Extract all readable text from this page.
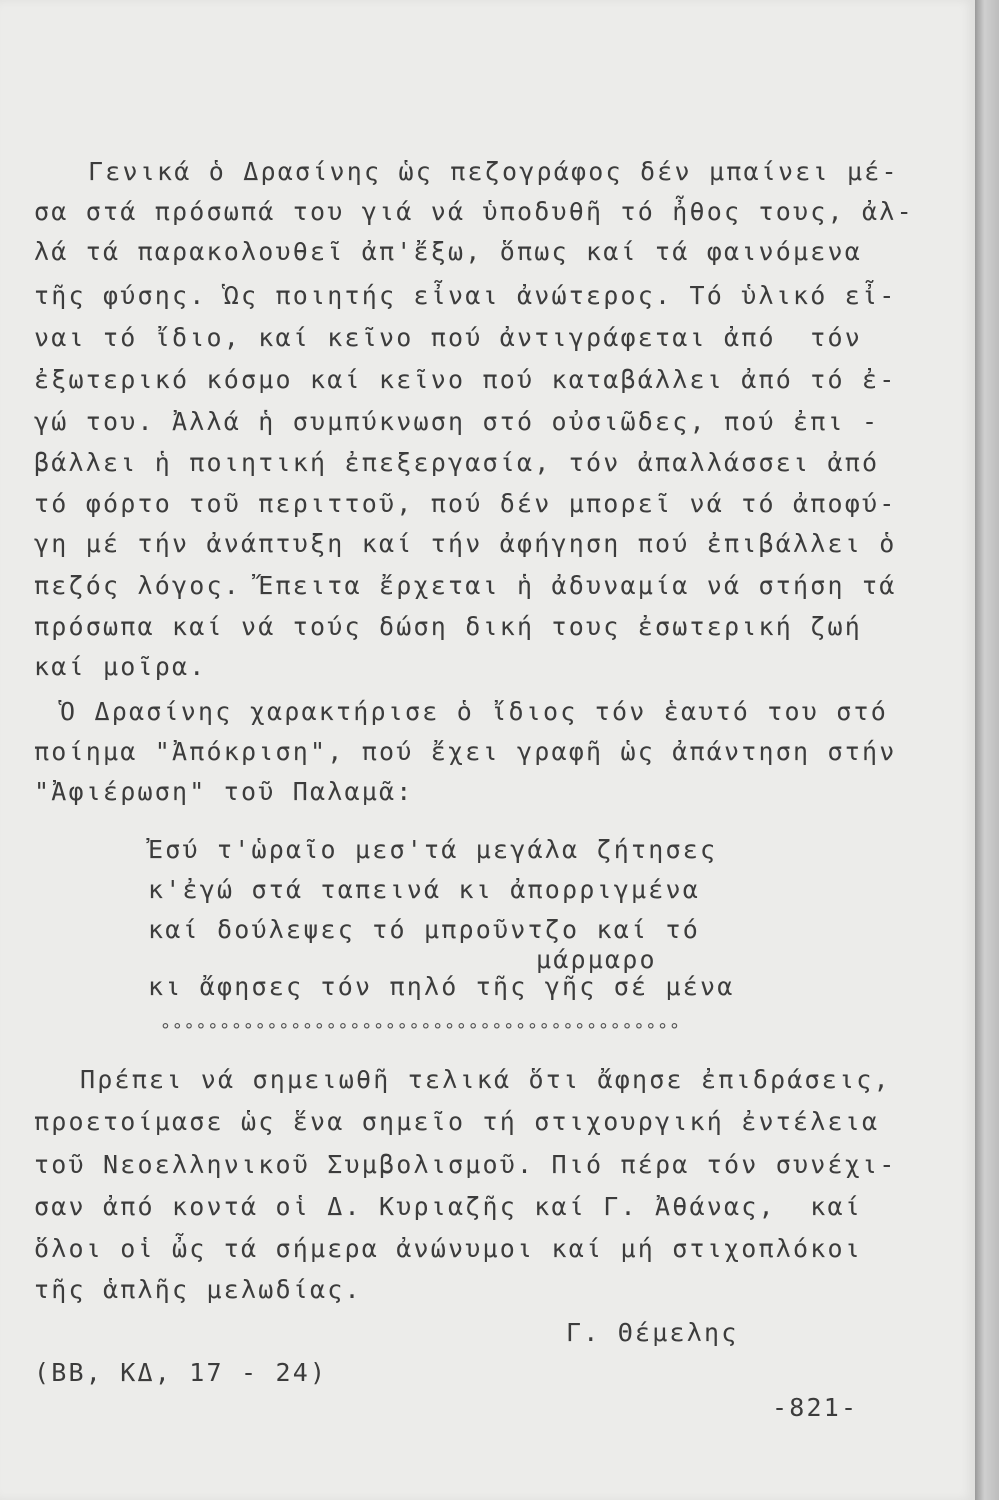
Γενικά ὁ Δρασίνης ὡς πεζογράφος δέν μπαίνει μέ-
σα στά πρόσωπά του γιά νά ὑποδυθῆ τό ἦθος τους, ἀλ-
λά τά παρακολουθεῖ ἀπ'ἔξω, ὅπως καί τά φαινόμενα
τῆς φύσης. Ὡς ποιητής εἶναι ἀνώτερος. Τό ὑλικό εἶ-
ναι τό ἴδιο, καί κεῖνο πού ἀντιγράφεται ἀπό  τόν
ἐξωτερικό κόσμο καί κεῖνο πού καταβάλλει ἀπό τό ἐ-
γώ του. Ἀλλά ἡ συμπύκνωση στό οὐσιῶδες, πού ἐπι -
βάλλει ἡ ποιητική ἐπεξεργασία, τόν ἀπαλλάσσει ἀπό
τό φόρτο τοῦ περιττοῦ, πού δέν μπορεῖ νά τό ἀποφύ-
γη μέ τήν ἀνάπτυξη καί τήν ἀφήγηση πού ἐπιβάλλει ὁ
πεζός λόγος. Ἔπειτα ἔρχεται ἡ ἀδυναμία νά στήση τά
πρόσωπα καί νά τούς δώση δική τους ἐσωτερική ζωή
καί μοῖρα.
Ὁ Δρασίνης χαρακτήρισε ὁ ἴδιος τόν ἑαυτό του στό
ποίημα "Ἀπόκριση", πού ἔχει γραφῆ ὡς ἀπάντηση στήν
"Ἀφιέρωση" τοῦ Παλαμᾶ:
Ἐσύ τ'ὡραῖο μεσ'τά μεγάλα ζήτησες
κ'ἐγώ στά ταπεινά κι ἀπορριγμένα
καί δούλεψες τό μπροῦντζο καί τό
μάρμαρο
κι ἄφησες τόν πηλό τῆς γῆς σέ μένα
°°°°°°°°°°°°°°°°°°°°°°°°°°°°°°°°°°°°°°°°°°°°
Πρέπει νά σημειωθῆ τελικά ὅτι ἄφησε ἐπιδράσεις,
προετοίμασε ὡς ἕνα σημεῖο τή στιχουργική ἐντέλεια
τοῦ Νεοελληνικοῦ Συμβολισμοῦ. Πιό πέρα τόν συνέχι-
σαν ἀπό κοντά οἱ Δ. Κυριαζῆς καί Γ. Ἀθάνας,  καί
ὅλοι οἱ ὦς τά σήμερα ἀνώνυμοι καί μή στιχοπλόκοι
τῆς ἁπλῆς μελωδίας.
Γ. Θέμελης
(ΒΒ, ΚΔ, 17 - 24)
-821-
